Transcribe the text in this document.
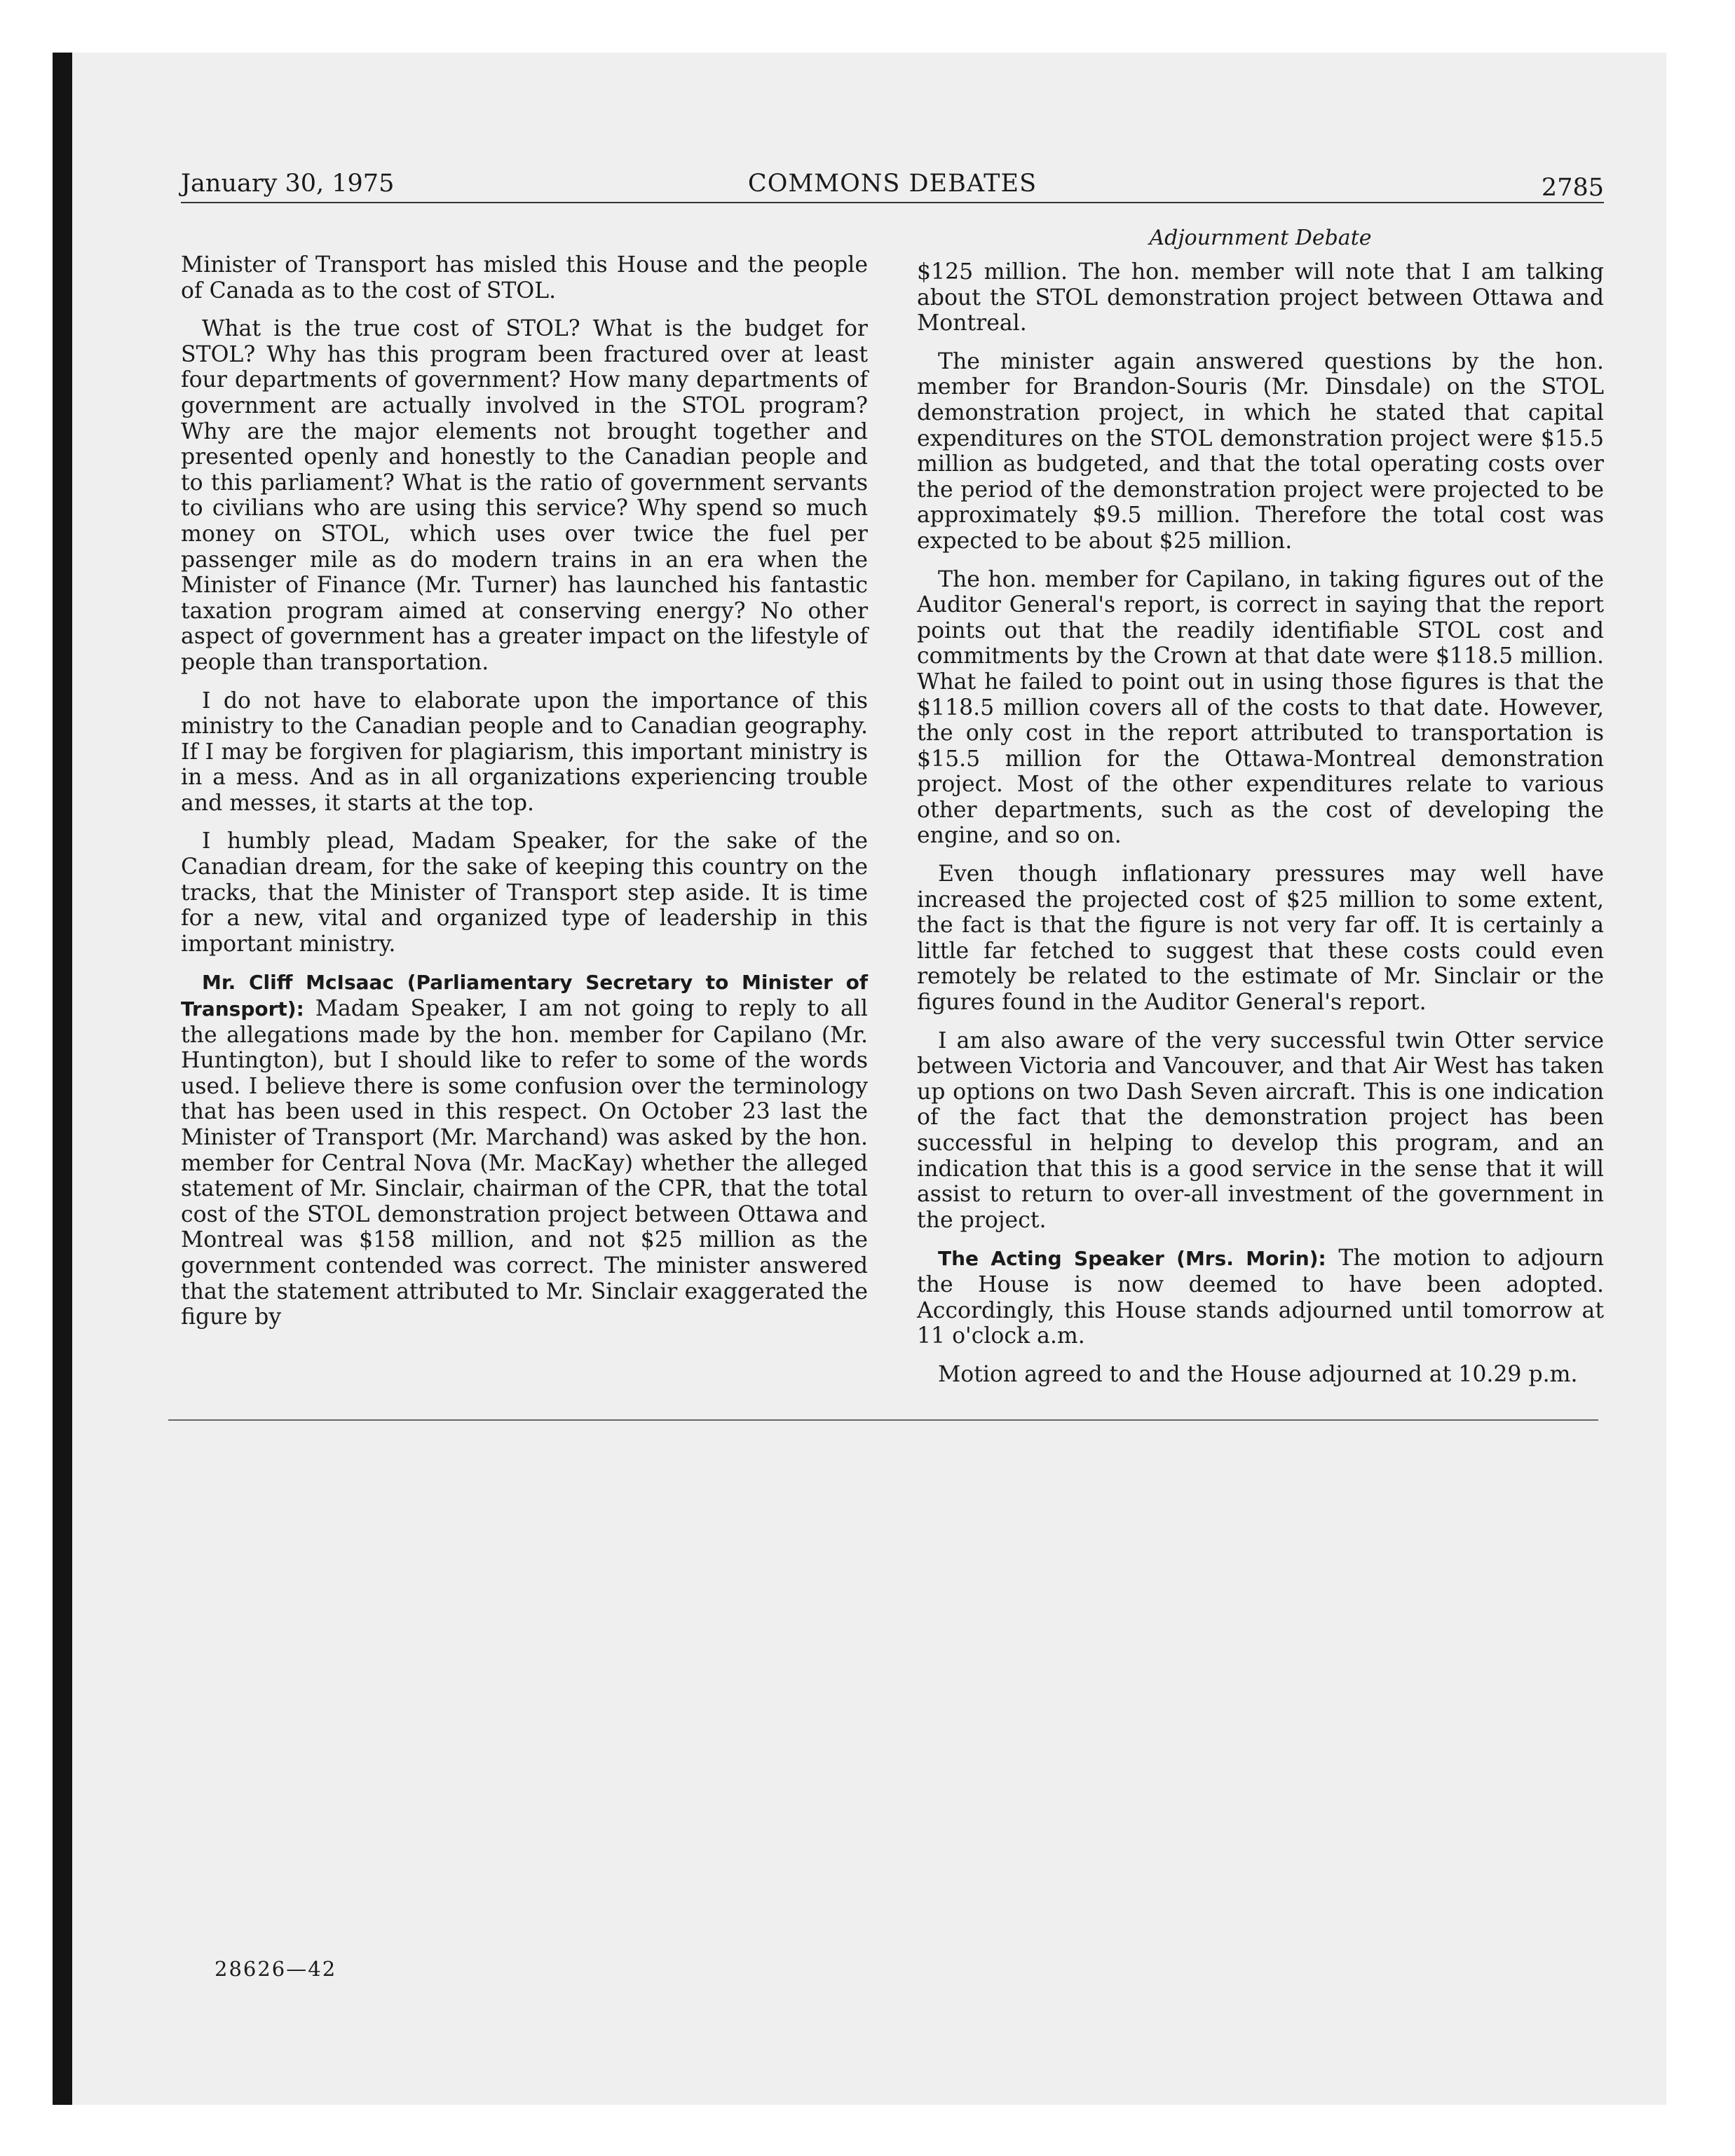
January 30, 1975	COMMONS DEBATES	2785
Adjournment Debate

Minister of Transport has misled this House and the people of Canada as to the cost of STOL.

What is the true cost of STOL? What is the budget for STOL? Why has this program been fractured over at least four departments of government? How many departments of government are actually involved in the STOL program? Why are the major elements not brought together and presented openly and honestly to the Canadian people and to this parliament? What is the ratio of government servants to civilians who are using this service? Why spend so much money on STOL, which uses over twice the fuel per passenger mile as do modern trains in an era when the Minister of Finance (Mr. Turner) has launched his fantastic taxation program aimed at conserving energy? No other aspect of government has a greater impact on the lifestyle of people than transportation.

I do not have to elaborate upon the importance of this ministry to the Canadian people and to Canadian geography. If I may be forgiven for plagiarism, this important ministry is in a mess. And as in all organizations experiencing trouble and messes, it starts at the top.

I humbly plead, Madam Speaker, for the sake of the Canadian dream, for the sake of keeping this country on the tracks, that the Minister of Transport step aside. It is time for a new, vital and organized type of leadership in this important ministry.

Mr. Cliff McIsaac (Parliamentary Secretary to Minister of Transport): Madam Speaker, I am not going to reply to all the allegations made by the hon. member for Capilano (Mr. Huntington), but I should like to refer to some of the words used. I believe there is some confusion over the terminology that has been used in this respect. On October 23 last the Minister of Transport (Mr. Marchand) was asked by the hon. member for Central Nova (Mr. MacKay) whether the alleged statement of Mr. Sinclair, chairman of the CPR, that the total cost of the STOL demonstration project between Ottawa and Montreal was $158 million, and not $25 million as the government contended was correct. The minister answered that the statement attributed to Mr. Sinclair exaggerated the figure by

$125 million. The hon. member will note that I am talking about the STOL demonstration project between Ottawa and Montreal.

The minister again answered questions by the hon. member for Brandon-Souris (Mr. Dinsdale) on the STOL demonstration project, in which he stated that capital expenditures on the STOL demonstration project were $15.5 million as budgeted, and that the total operating costs over the period of the demonstration project were projected to be approximately $9.5 million. Therefore the total cost was expected to be about $25 million.

The hon. member for Capilano, in taking figures out of the Auditor General's report, is correct in saying that the report points out that the readily identifiable STOL cost and commitments by the Crown at that date were $118.5 million. What he failed to point out in using those figures is that the $118.5 million covers all of the costs to that date. However, the only cost in the report attributed to transportation is $15.5 million for the Ottawa-Montreal demonstration project. Most of the other expenditures relate to various other departments, such as the cost of developing the engine, and so on.

Even though inflationary pressures may well have increased the projected cost of $25 million to some extent, the fact is that the figure is not very far off. It is certainly a little far fetched to suggest that these costs could even remotely be related to the estimate of Mr. Sinclair or the figures found in the Auditor General's report.

I am also aware of the very successful twin Otter service between Victoria and Vancouver, and that Air West has taken up options on two Dash Seven aircraft. This is one indication of the fact that the demonstration project has been successful in helping to develop this program, and an indication that this is a good service in the sense that it will assist to return to over-all investment of the government in the project.

The Acting Speaker (Mrs. Morin): The motion to adjourn the House is now deemed to have been adopted. Accordingly, this House stands adjourned until tomorrow at 11 o'clock a.m.

Motion agreed to and the House adjourned at 10.29 p.m.

28626—42
